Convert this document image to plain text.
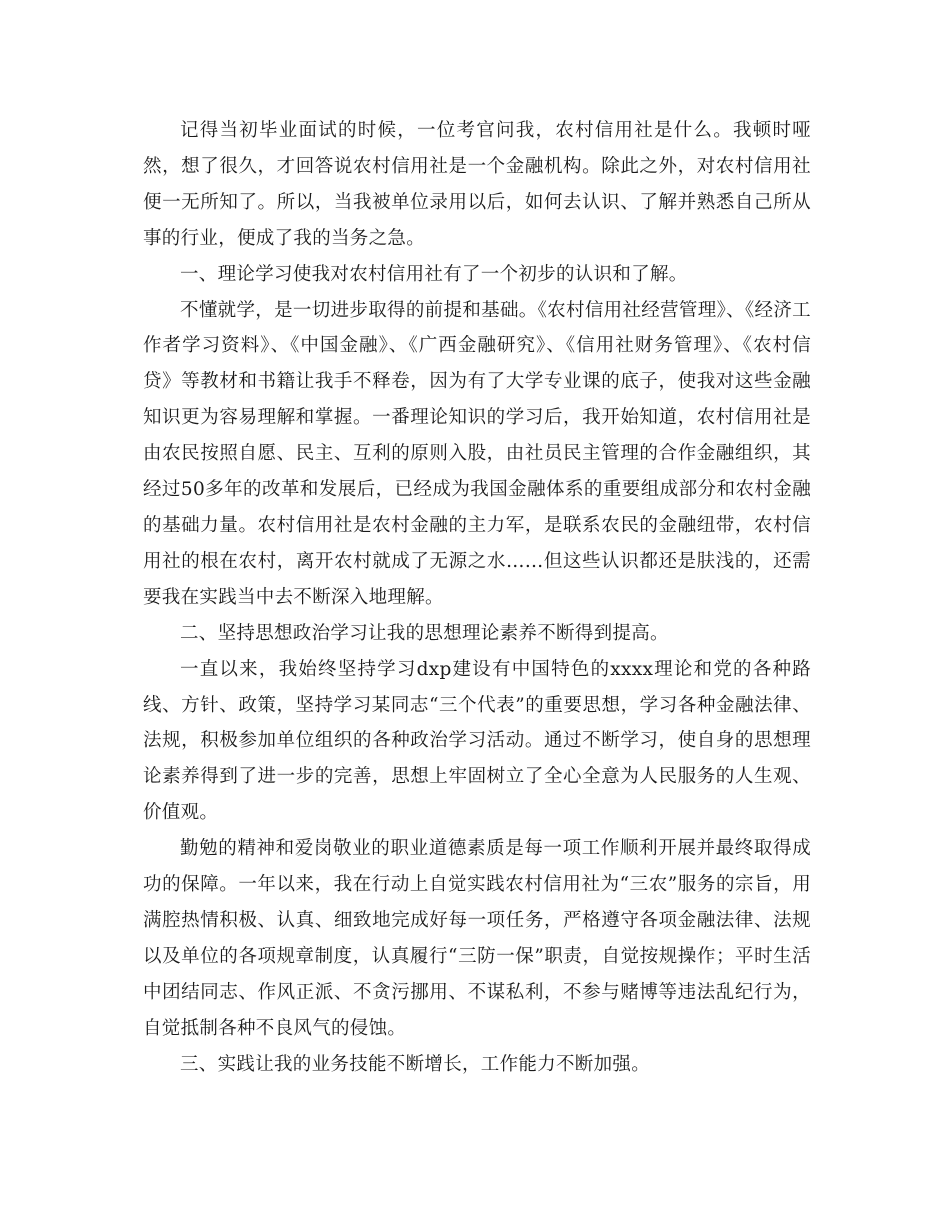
记得当初毕业面试的时候，一位考官问我，农村信用社是什么。我顿时哑然，想了很久，才回答说农村信用社是一个金融机构。除此之外，对农村信用社便一无所知了。所以，当我被单位录用以后，如何去认识、了解并熟悉自己所从事的行业，便成了我的当务之急。

一、理论学习使我对农村信用社有了一个初步的认识和了解。

不懂就学，是一切进步取得的前提和基础。《农村信用社经营管理》、《经济工作者学习资料》、《中国金融》、《广西金融研究》、《信用社财务管理》、《农村信贷》等教材和书籍让我手不释卷，因为有了大学专业课的底子，使我对这些金融知识更为容易理解和掌握。一番理论知识的学习后，我开始知道，农村信用社是由农民按照自愿、民主、互利的原则入股，由社员民主管理的合作金融组织，其经过50多年的改革和发展后，已经成为我国金融体系的重要组成部分和农村金融的基础力量。农村信用社是农村金融的主力军，是联系农民的金融纽带，农村信用社的根在农村，离开农村就成了无源之水……但这些认识都还是肤浅的，还需要我在实践当中去不断深入地理解。

二、坚持思想政治学习让我的思想理论素养不断得到提高。

一直以来，我始终坚持学习dxp建设有中国特色的xxxx理论和党的各种路线、方针、政策，坚持学习某同志“三个代表”的重要思想，学习各种金融法律、法规，积极参加单位组织的各种政治学习活动。通过不断学习，使自身的思想理论素养得到了进一步的完善，思想上牢固树立了全心全意为人民服务的人生观、价值观。

勤勉的精神和爱岗敬业的职业道德素质是每一项工作顺利开展并最终取得成功的保障。一年以来，我在行动上自觉实践农村信用社为“三农”服务的宗旨，用满腔热情积极、认真、细致地完成好每一项任务，严格遵守各项金融法律、法规以及单位的各项规章制度，认真履行“三防一保”职责，自觉按规操作；平时生活中团结同志、作风正派、不贪污挪用、不谋私利，不参与赌博等违法乱纪行为，自觉抵制各种不良风气的侵蚀。

三、实践让我的业务技能不断增长，工作能力不断加强。
